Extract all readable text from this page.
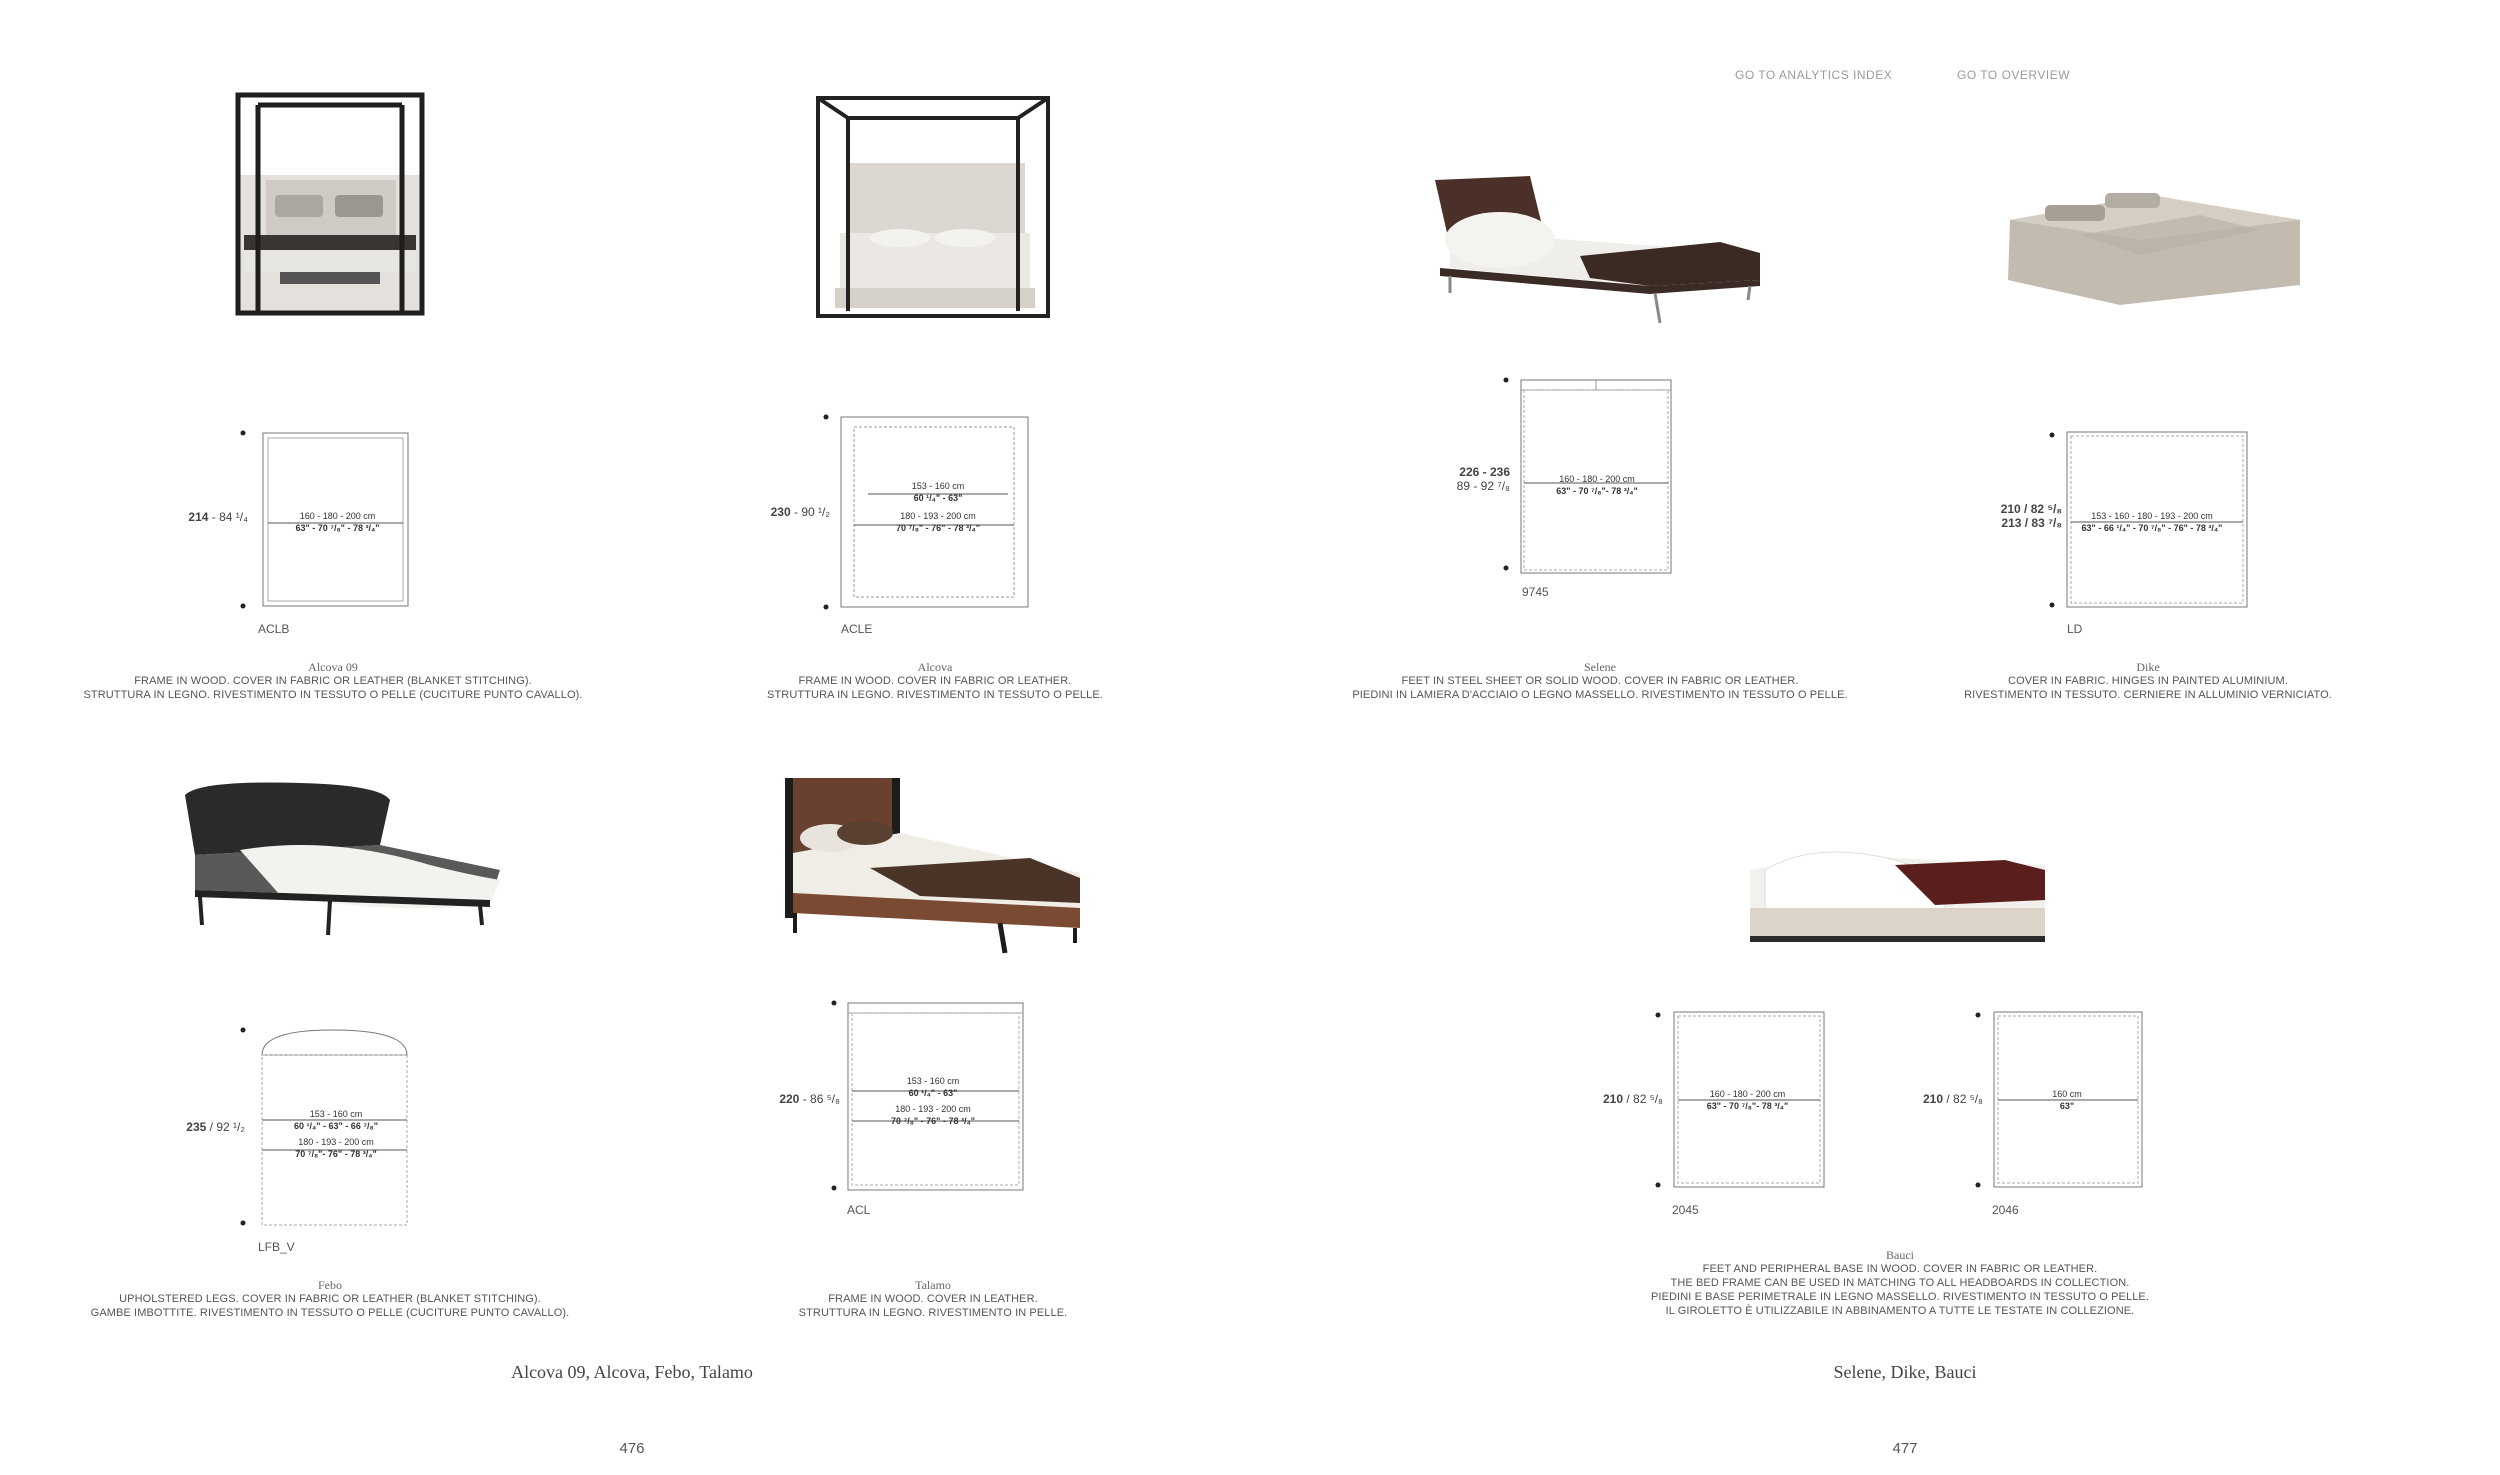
GO TO ANALYTICS INDEX	GO TO OVERVIEW
214 - 84 ¹/₄	160 - 180 - 200 cm
63" - 70 ⁷/₈" - 78 ³/₄"
ACLB
230 - 90 ¹/₂
153 - 160 cm
60 ¹/₄" - 63"

180 - 193 - 200 cm
70 ⁷/₈" - 76" - 78 ³/₄"
ACLE
226 - 236
89 - 92 ⁷/₈	160 - 180 - 200 cm
63" - 70 ⁷/₈"- 78 ³/₄"
9745
210 / 82 ⁵/₈
213 / 83 ⁷/₈	153 - 160 - 180 - 193 - 200 cm
63" - 66 ¹/₄" - 70 ⁷/₈" - 76" - 78 ³/₄"
LD
235 / 92 ¹/₂
153 - 160 cm
60 ¹/₄" - 63" - 66 ⁷/₈"

180 - 193 - 200 cm
70 ⁷/₈"- 76" - 78 ³/₄"
LFB_V
220 - 86 ⁵/₈
153 - 160 cm
60 ¹/₄" - 63"

180 - 193 - 200 cm
70 ⁷/₈" - 76" - 78 ³/₄"
ACL
210 / 82 ⁵/₈	160 - 180 - 200 cm
63" - 70 ⁷/₈"- 78 ³/₄"
2045
210 / 82 ⁵/₈	160 cm
63"
2046
Alcova 09
FRAME IN WOOD. COVER IN FABRIC OR LEATHER (BLANKET STITCHING).
STRUTTURA IN LEGNO. RIVESTIMENTO IN TESSUTO O PELLE (CUCITURE PUNTO CAVALLO).
Alcova
FRAME IN WOOD. COVER IN FABRIC OR LEATHER.
STRUTTURA IN LEGNO. RIVESTIMENTO IN TESSUTO O PELLE.
Selene
FEET IN STEEL SHEET OR SOLID WOOD. COVER IN FABRIC OR LEATHER.
PIEDINI IN LAMIERA D'ACCIAIO O LEGNO MASSELLO. RIVESTIMENTO IN TESSUTO O PELLE.
Dike
COVER IN FABRIC. HINGES IN PAINTED ALUMINIUM.
RIVESTIMENTO IN TESSUTO. CERNIERE IN ALLUMINIO VERNICIATO.
Febo
UPHOLSTERED LEGS. COVER IN FABRIC OR LEATHER (BLANKET STITCHING).
GAMBE IMBOTTITE. RIVESTIMENTO IN TESSUTO O PELLE (CUCITURE PUNTO CAVALLO).
Talamo
FRAME IN WOOD. COVER IN LEATHER.
STRUTTURA IN LEGNO. RIVESTIMENTO IN PELLE.
Bauci
FEET AND PERIPHERAL BASE IN WOOD. COVER IN FABRIC OR LEATHER.
THE BED FRAME CAN BE USED IN MATCHING TO ALL HEADBOARDS IN COLLECTION.
PIEDINI E BASE PERIMETRALE IN LEGNO MASSELLO. RIVESTIMENTO IN TESSUTO O PELLE.
IL GIROLETTO È UTILIZZABILE IN ABBINAMENTO A TUTTE LE TESTATE IN COLLEZIONE.
Alcova 09, Alcova, Febo, Talamo	Selene, Dike, Bauci
476	477
